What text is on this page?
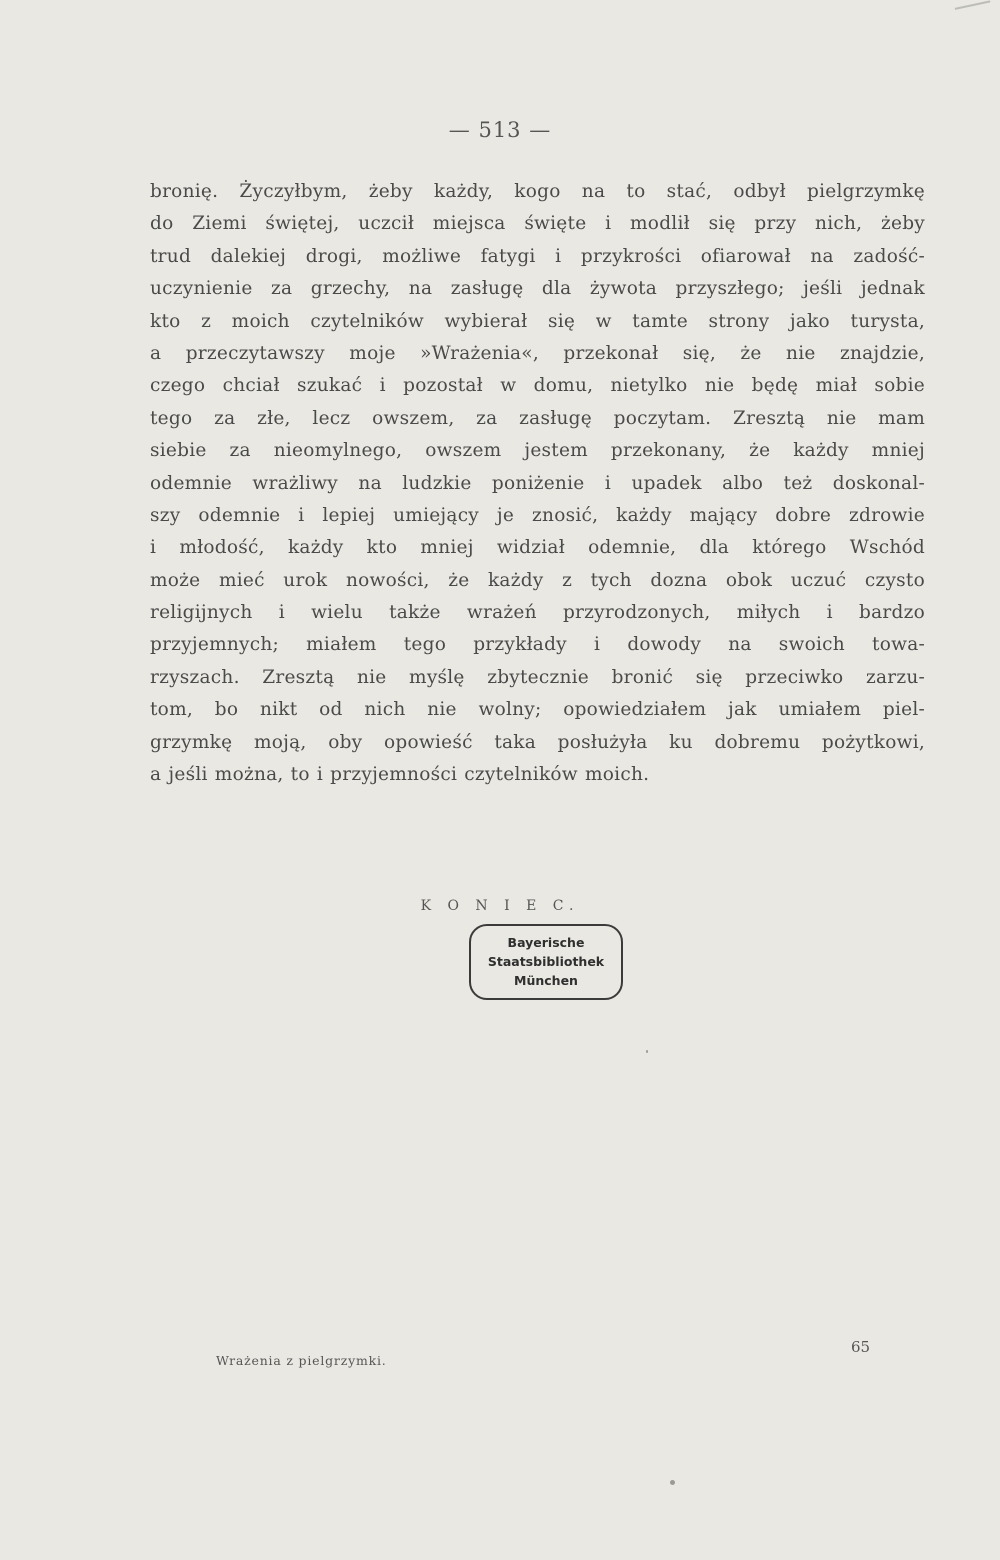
— 513 —
bronię. Życzyłbym, żeby każdy, kogo na to stać, odbył pielgrzymkę
do Ziemi świętej, uczcił miejsca święte i modlił się przy nich, żeby
trud dalekiej drogi, możliwe fatygi i przykrości ofiarował na zadość-
uczynienie za grzechy, na zasługę dla żywota przyszłego; jeśli jednak
kto z moich czytelników wybierał się w tamte strony jako turysta,
a przeczytawszy moje »Wrażenia«, przekonał się, że nie znajdzie,
czego chciał szukać i pozostał w domu, nietylko nie będę miał sobie
tego za złe, lecz owszem, za zasługę poczytam. Zresztą nie mam
siebie za nieomylnego, owszem jestem przekonany, że każdy mniej
odemnie wrażliwy na ludzkie poniżenie i upadek albo też doskonal-
szy odemnie i lepiej umiejący je znosić, każdy mający dobre zdrowie
i młodość, każdy kto mniej widział odemnie, dla którego Wschód
może mieć urok nowości, że każdy z tych dozna obok uczuć czysto
religijnych i wielu także wrażeń przyrodzonych, miłych i bardzo
przyjemnych; miałem tego przykłady i dowody na swoich towa-
rzyszach. Zresztą nie myślę zbytecznie bronić się przeciwko zarzu-
tom, bo nikt od nich nie wolny; opowiedziałem jak umiałem piel-
grzymkę moją, oby opowieść taka posłużyła ku dobremu pożytkowi,
a jeśli można, to i przyjemności czytelników moich.
K O N I E C.
Bayerische
Staatsbibliothek
München
Wrażenia z pielgrzymki.
65
